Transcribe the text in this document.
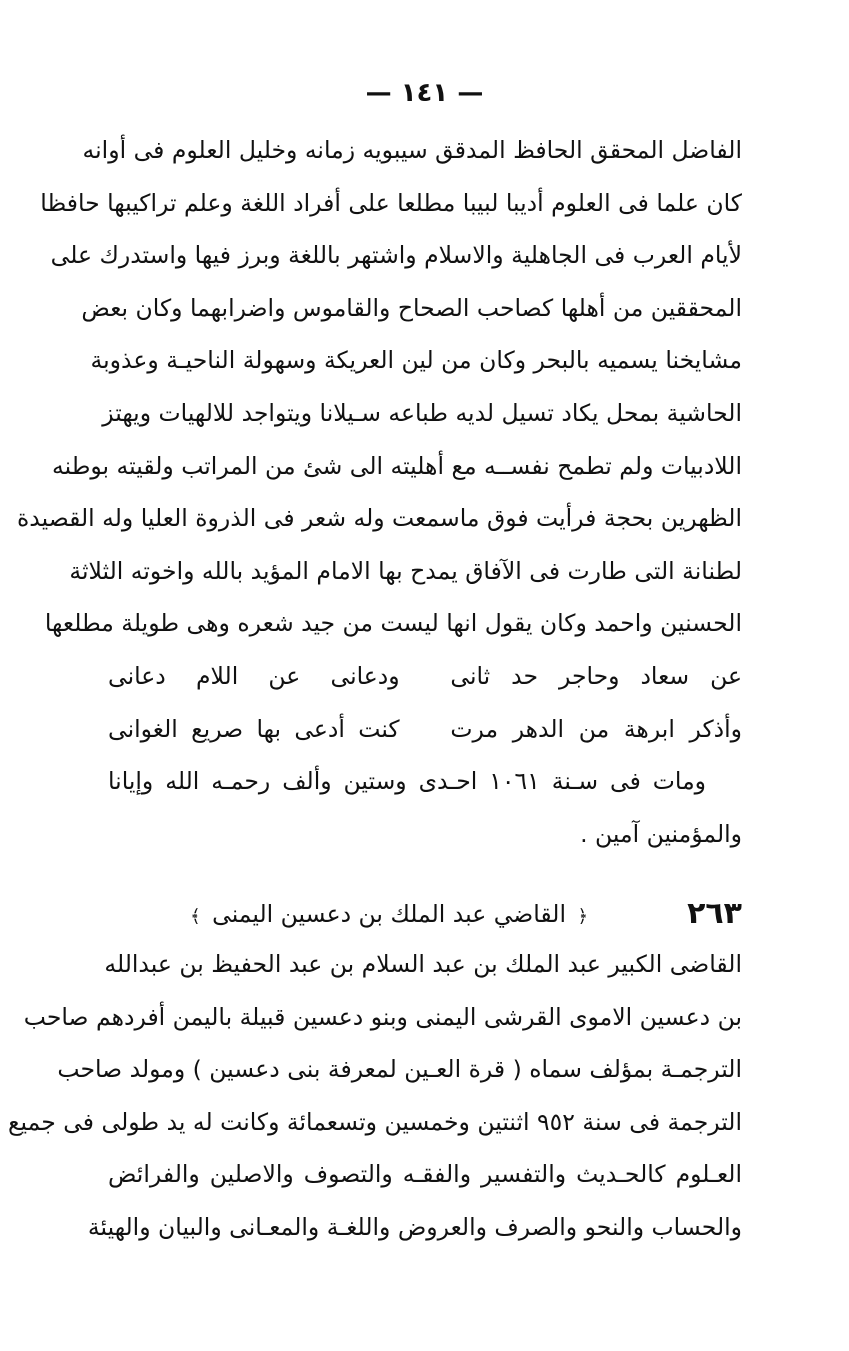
— ١٤١ —
الفاضل المحقق الحافظ المدقق سيبويه زمانه وخليل العلوم فى أوانه
كان علما فى العلوم أديبا لبيبا مطلعا على أفراد اللغة وعلم تراكيبها حافظا
لأيام العرب فى الجاهلية والاسلام واشتهر باللغة وبرز فيها واستدرك على
المحققين من أهلها كصاحب الصحاح والقاموس واضرابهما وكان بعض
مشايخنا يسميه بالبحر وكان من لين العريكة وسهولة الناحيـة وعذوبة
الحاشية بمحل يكاد تسيل لديه طباعه سـيلانا ويتواجد للالهيات ويهتز
اللادبيات ولم تطمح نفســه مع أهليته الى شئ من المراتب ولقيته بوطنه
الظهرين بحجة فرأيت فوق ماسمعت وله شعر فى الذروة العليا وله القصيدة
لطنانة التى طارت فى الآفاق يمدح بها الامام المؤيد بالله واخوته الثلاثة
الحسنين واحمد وكان يقول انها ليست من جيد شعره وهى طويلة مطلعها
عن سعاد وحاجر حد ثانى
ودعانى عن اللام دعانى
وأذكر ابرهة من الدهر مرت
كنت أدعى بها صريع الغوانى
ومات فى سـنة ١٠٦١ احـدى وستين وألف رحمـه الله وإيانا
والمؤمنين آمين .
٢٦٣
﴿ القاضي عبد الملك بن دعسين اليمنى ﴾
القاضى الكبير عبد الملك بن عبد السلام بن عبد الحفيظ بن عبدالله
بن دعسين الاموى القرشى اليمنى وبنو دعسين قبيلة باليمن أفردهم صاحب
الترجمـة بمؤلف سماه ( قرة العـين لمعرفة بنى دعسين ) ومولد صاحب
الترجمة فى سنة ٩٥٢ اثنتين وخمسين وتسعمائة وكانت له يد طولى فى جميع
العـلوم كالحـديث والتفسير والفقـه والتصوف والاصلين والفرائض
والحساب والنحو والصرف والعروض واللغـة والمعـانى والبيان والهيئة
